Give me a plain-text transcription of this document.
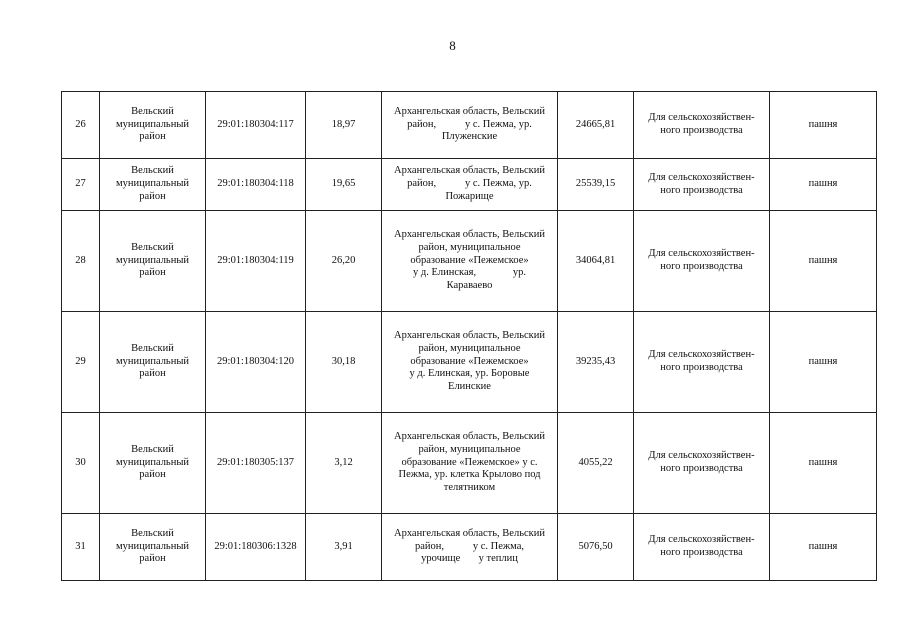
8
26	Вельский
муниципальный
район	29:01:180304:117	18,97	Архангельская область, Вельский
район,           у с. Пежма, ур.
Плуженские	24665,81	Для сельскохозяйствен-
ного производства	пашня
27	Вельский
муниципальный
район	29:01:180304:118	19,65	Архангельская область, Вельский
район,           у с. Пежма, ур.
Пожарище	25539,15	Для сельскохозяйствен-
ного производства	пашня
28	Вельский
муниципальный
район	29:01:180304:119	26,20	Архангельская область, Вельский
район, муниципальное
образование «Пежемское»
у д. Елинская,              ур.
Караваево	34064,81	Для сельскохозяйствен-
ного производства	пашня
29	Вельский
муниципальный
район	29:01:180304:120	30,18	Архангельская область, Вельский
район, муниципальное
образование «Пежемское»
у д. Елинская, ур. Боровые
Елинские	39235,43	Для сельскохозяйствен-
ного производства	пашня
30	Вельский
муниципальный
район	29:01:180305:137	3,12	Архангельская область, Вельский
район, муниципальное
образование «Пежемское» у с.
Пежма, ур. клетка Крылово под
телятником	4055,22	Для сельскохозяйствен-
ного производства	пашня
31	Вельский
муниципальный
район	29:01:180306:1328	3,91	Архангельская область, Вельский
район,           у с. Пежма,
урочище       у теплиц	5076,50	Для сельскохозяйствен-
ного производства	пашня
